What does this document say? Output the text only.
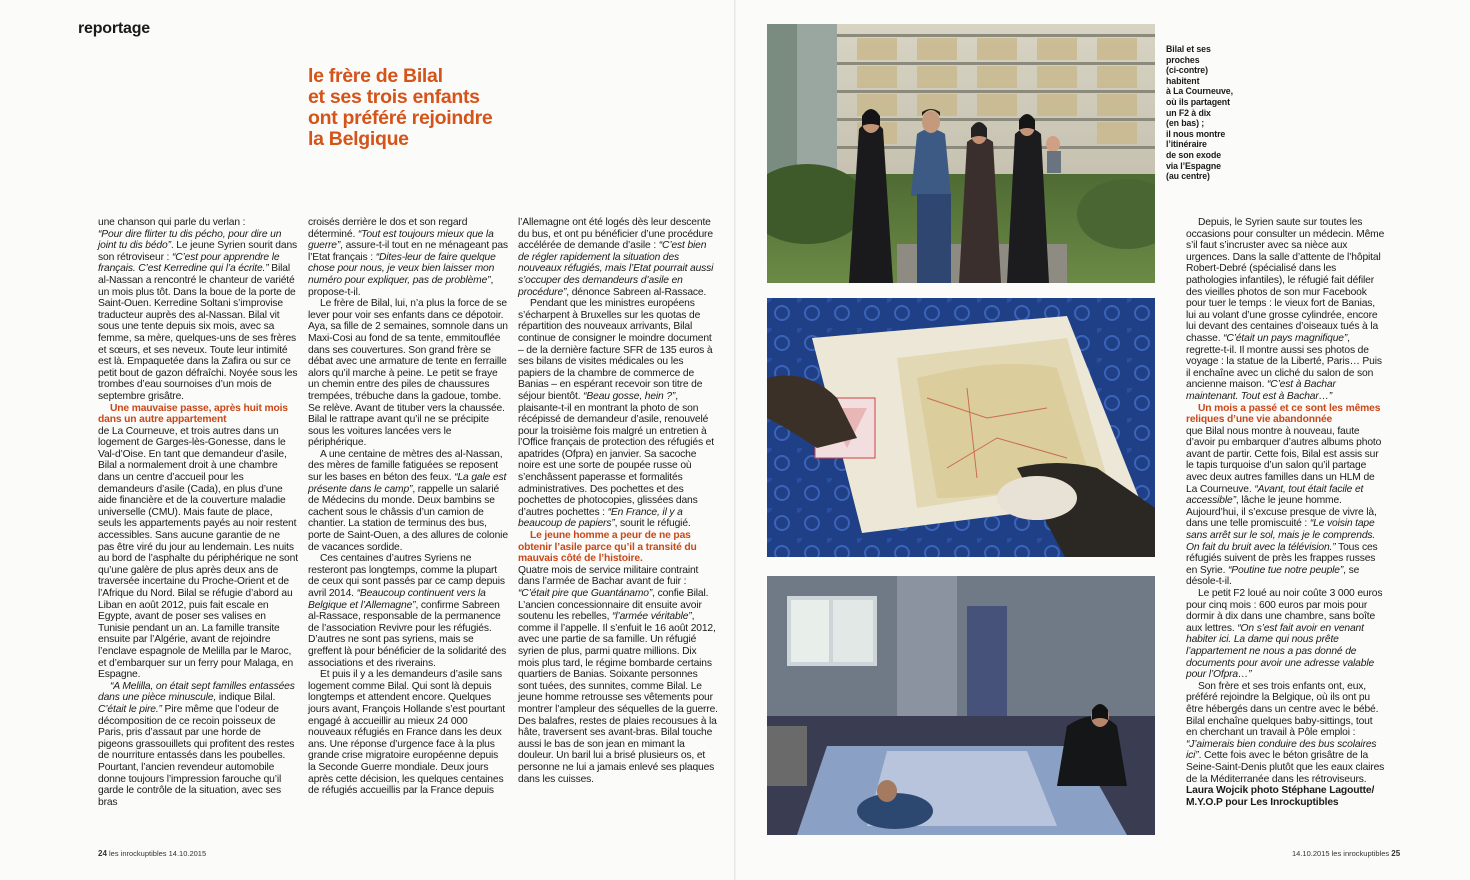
reportage
le frère de Bilal
et ses trois enfants
ont préféré rejoindre
la Belgique

une chanson qui parle du verlan :
“Pour dire flirter tu dis pécho, pour dire un joint tu dis bédo”. Le jeune Syrien sourit dans son rétroviseur : “C’est pour apprendre le français. C’est Kerredine qui l’a écrite.” Bilal al-Nassan a rencontré le chanteur de variété un mois plus tôt. Dans la boue de la porte de Saint-Ouen. Kerredine Soltani s’improvise traducteur auprès des al-Nassan. Bilal vit sous une tente depuis six mois, avec sa femme, sa mère, quelques-uns de ses frères et sœurs, et ses neveux. Toute leur intimité est là. Empaquetée dans la Zafira ou sur ce petit bout de gazon défraîchi. Noyée sous les trombes d’eau sournoises d’un mois de septembre grisâtre.

Une mauvaise passe, après huit mois dans un autre appartement

de La Courneuve, et trois autres dans un logement de Garges-lès-Gonesse, dans le Val-d’Oise. En tant que demandeur d’asile, Bilal a normalement droit à une chambre dans un centre d’accueil pour les demandeurs d’asile (Cada), en plus d’une aide financière et de la couverture maladie universelle (CMU). Mais faute de place, seuls les appartements payés au noir restent accessibles. Sans aucune garantie de ne pas être viré du jour au lendemain. Les nuits au bord de l’asphalte du périphérique ne sont qu’une galère de plus après deux ans de traversée incertaine du Proche-Orient et de l’Afrique du Nord. Bilal se réfugie d’abord au Liban en août 2012, puis fait escale en Egypte, avant de poser ses valises en Tunisie pendant un an. La famille transite ensuite par l’Algérie, avant de rejoindre l’enclave espagnole de Melilla par le Maroc, et d’embarquer sur un ferry pour Malaga, en Espagne.

“A Melilla, on était sept familles entassées dans une pièce minuscule, indique Bilal. C’était le pire.” Pire même que l’odeur de décomposition de ce recoin poisseux de Paris, pris d’assaut par une horde de pigeons grassouillets qui profitent des restes de nourriture entassés dans les poubelles. Pourtant, l’ancien revendeur automobile donne toujours l’impression farouche qu’il garde le contrôle de la situation, avec ses bras

croisés derrière le dos et son regard déterminé. “Tout est toujours mieux que la guerre”, assure-t-il tout en ne ménageant pas l’Etat français : “Dites-leur de faire quelque chose pour nous, je veux bien laisser mon numéro pour expliquer, pas de problème”, propose-t-il.

Le frère de Bilal, lui, n’a plus la force de se lever pour voir ses enfants dans ce dépotoir. Aya, sa fille de 2 semaines, somnole dans un Maxi-Cosi au fond de sa tente, emmitouflée dans ses couvertures. Son grand frère se débat avec une armature de tente en ferraille alors qu’il marche à peine. Le petit se fraye un chemin entre des piles de chaussures trempées, trébuche dans la gadoue, tombe. Se relève. Avant de tituber vers la chaussée. Bilal le rattrape avant qu’il ne se précipite sous les voitures lancées vers le périphérique.

A une centaine de mètres des al-Nassan, des mères de famille fatiguées se reposent sur les bases en béton des feux. “La gale est présente dans le camp”, rappelle un salarié de Médecins du monde. Deux bambins se cachent sous le châssis d’un camion de chantier. La station de terminus des bus, porte de Saint-Ouen, a des allures de colonie de vacances sordide.

Ces centaines d’autres Syriens ne resteront pas longtemps, comme la plupart de ceux qui sont passés par ce camp depuis avril 2014. “Beaucoup continuent vers la Belgique et l’Allemagne”, confirme Sabreen al-Rassace, responsable de la permanence de l’association Revivre pour les réfugiés. D’autres ne sont pas syriens, mais se greffent là pour bénéficier de la solidarité des associations et des riverains.

Et puis il y a les demandeurs d’asile sans logement comme Bilal. Qui sont là depuis longtemps et attendent encore. Quelques jours avant, François Hollande s’est pourtant engagé à accueillir au mieux 24 000 nouveaux réfugiés en France dans les deux ans. Une réponse d’urgence face à la plus grande crise migratoire européenne depuis la Seconde Guerre mondiale. Deux jours après cette décision, les quelques centaines de réfugiés accueillis par la France depuis

l’Allemagne ont été logés dès leur descente du bus, et ont pu bénéficier d’une procédure accélérée de demande d’asile : “C’est bien de régler rapidement la situation des nouveaux réfugiés, mais l’Etat pourrait aussi s’occuper des demandeurs d’asile en procédure”, dénonce Sabreen al-Rassace.

Pendant que les ministres européens s’écharpent à Bruxelles sur les quotas de répartition des nouveaux arrivants, Bilal continue de consigner le moindre document – de la dernière facture SFR de 135 euros à ses bilans de visites médicales ou les papiers de la chambre de commerce de Banias – en espérant recevoir son titre de séjour bientôt. “Beau gosse, hein ?”, plaisante-t-il en montrant la photo de son récépissé de demandeur d’asile, renouvelé pour la troisième fois malgré un entretien à l’Office français de protection des réfugiés et apatrides (Ofpra) en janvier. Sa sacoche noire est une sorte de poupée russe où s’enchâssent paperasse et formalités administratives. Des pochettes et des pochettes de photocopies, glissées dans d’autres pochettes : “En France, il y a beaucoup de papiers”, sourit le réfugié.

Le jeune homme a peur de ne pas obtenir l’asile parce qu’il a transité du mauvais côté de l’histoire.

Quatre mois de service militaire contraint dans l’armée de Bachar avant de fuir : “C’était pire que Guantánamo”, confie Bilal. L’ancien concessionnaire dit ensuite avoir soutenu les rebelles, “l’armée véritable”, comme il l’appelle. Il s’enfuit le 16 août 2012, avec une partie de sa famille. Un réfugié syrien de plus, parmi quatre millions. Dix mois plus tard, le régime bombarde certains quartiers de Banias. Soixante personnes sont tuées, des sunnites, comme Bilal. Le jeune homme retrousse ses vêtements pour montrer l’ampleur des séquelles de la guerre. Des balafres, restes de plaies recousues à la hâte, traversent ses avant-bras. Bilal touche aussi le bas de son jean en mimant la douleur. Un baril lui a brisé plusieurs os, et personne ne lui a jamais enlevé ses plaques dans les cuisses.

Bilal et ses
proches
(ci-contre)
habitent
à La Courneuve,
où ils partagent
un F2 à dix
(en bas) ;
il nous montre
l’itinéraire
de son exode
via l’Espagne
(au centre)

Depuis, le Syrien saute sur toutes les occasions pour consulter un médecin. Même s’il faut s’incruster avec sa nièce aux urgences. Dans la salle d’attente de l’hôpital Robert-Debré (spécialisé dans les pathologies infantiles), le réfugié fait défiler des vieilles photos de son mur Facebook pour tuer le temps : le vieux fort de Banias, lui au volant d’une grosse cylindrée, encore lui devant des centaines d’oiseaux tués à la chasse. “C’était un pays magnifique”, regrette-t-il. Il montre aussi ses photos de voyage : la statue de la Liberté, Paris… Puis il enchaîne avec un cliché du salon de son ancienne maison. “C’est à Bachar maintenant. Tout est à Bachar…”

Un mois a passé et ce sont les mêmes reliques d’une vie abandonnée

que Bilal nous montre à nouveau, faute d’avoir pu embarquer d’autres albums photo avant de partir. Cette fois, Bilal est assis sur le tapis turquoise d’un salon qu’il partage avec deux autres familles dans un HLM de La Courneuve. “Avant, tout était facile et accessible”, lâche le jeune homme. Aujourd’hui, il s’excuse presque de vivre là, dans une telle promiscuité : “Le voisin tape sans arrêt sur le sol, mais je le comprends. On fait du bruit avec la télévision.” Tous ces réfugiés suivent de près les frappes russes en Syrie. “Poutine tue notre peuple”, se désole-t-il.

Le petit F2 loué au noir coûte 3 000 euros pour cinq mois : 600 euros par mois pour dormir à dix dans une chambre, sans boîte aux lettres. “On s’est fait avoir en venant habiter ici. La dame qui nous prête l’appartement ne nous a pas donné de documents pour avoir une adresse valable pour l’Ofpra…”

Son frère et ses trois enfants ont, eux, préféré rejoindre la Belgique, où ils ont pu être hébergés dans un centre avec le bébé. Bilal enchaîne quelques baby-sittings, tout en cherchant un travail à Pôle emploi : “J’aimerais bien conduire des bus scolaires ici”. Cette fois avec le béton grisâtre de la Seine-Saint-Denis plutôt que les eaux claires de la Méditerranée dans les rétroviseurs.

Laura Wojcik photo Stéphane Lagoutte/ M.Y.O.P pour Les Inrockuptibles

24 les inrockuptibles 14.10.2015	14.10.2015 les inrockuptibles 25
